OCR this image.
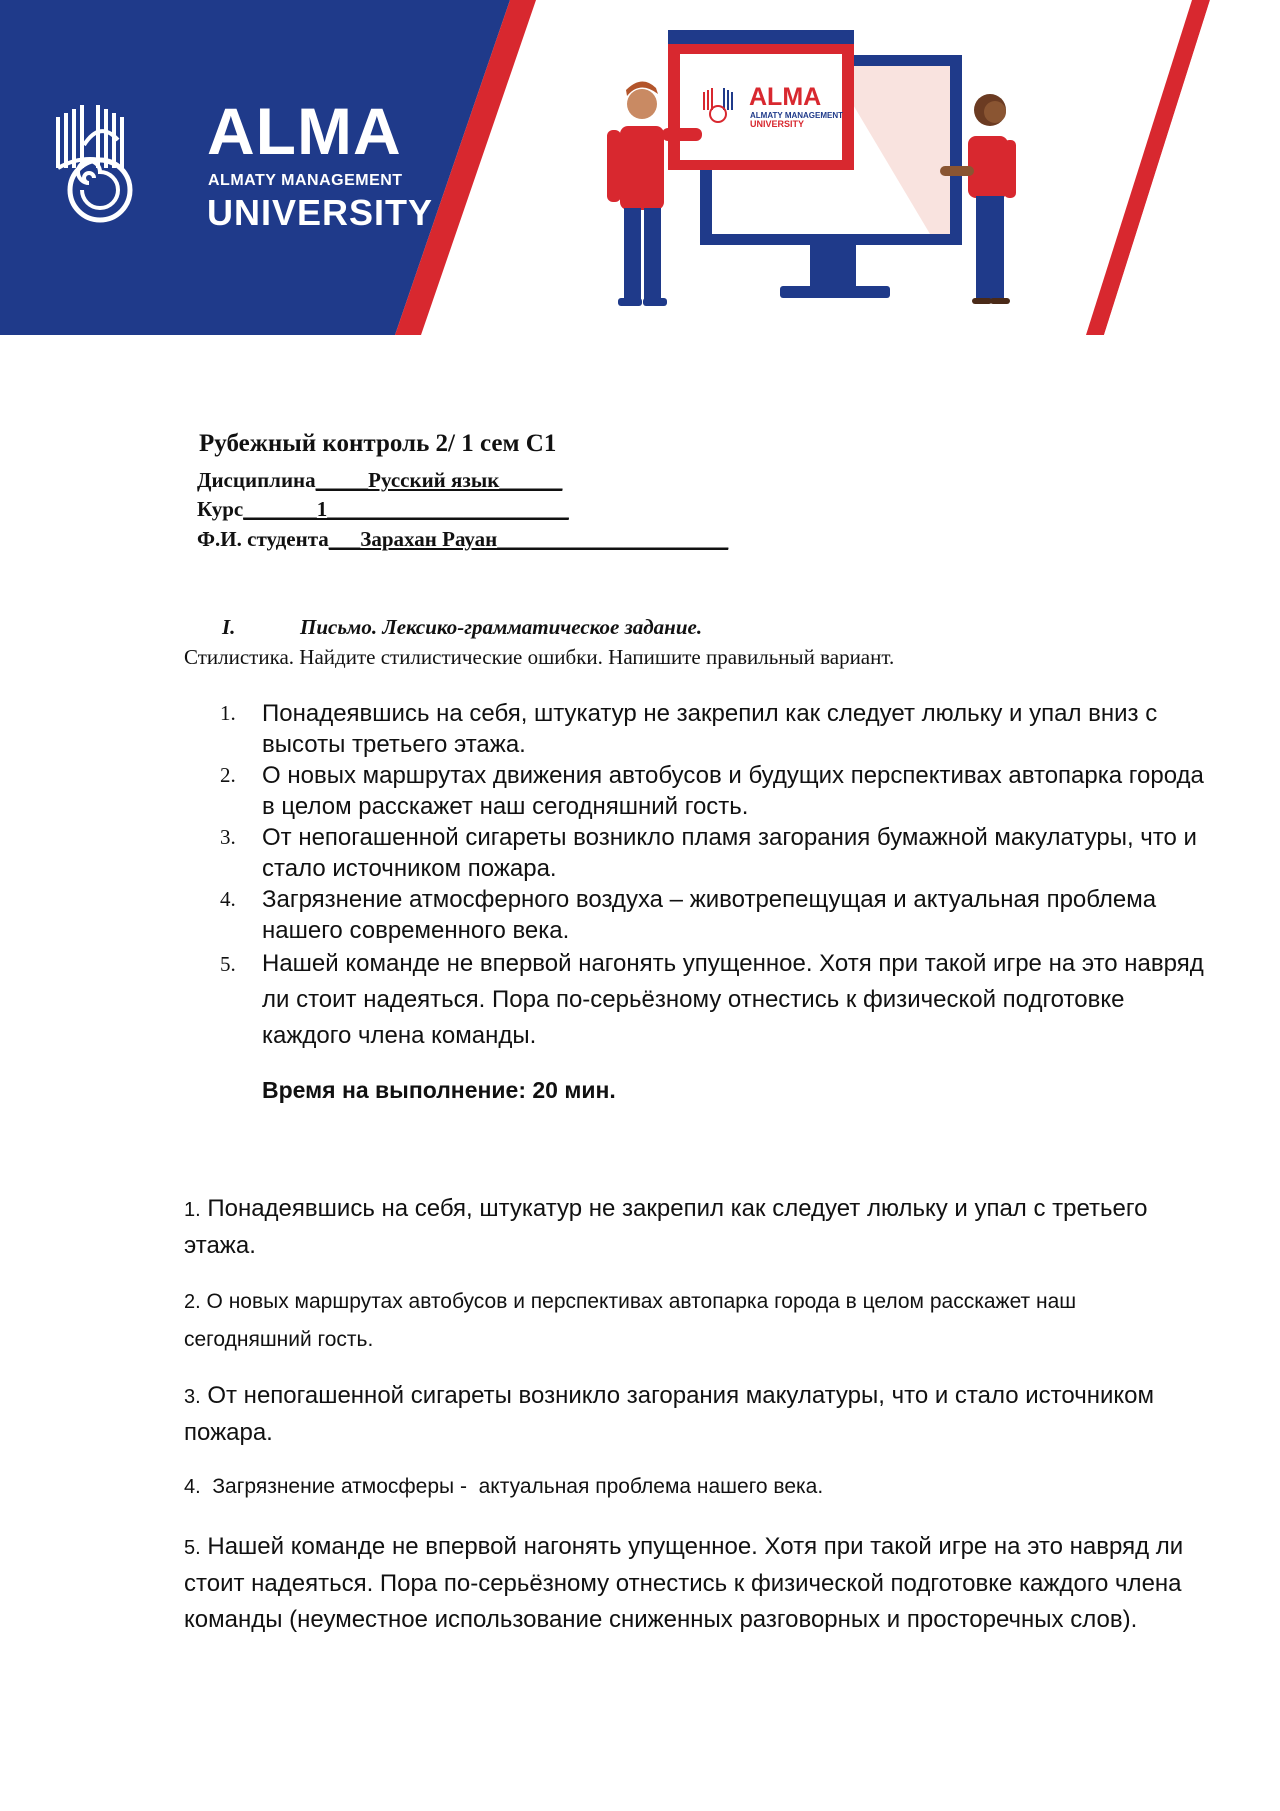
ALMA
ALMATY MANAGEMENT
UNIVERSITY
ALMA
ALMATY MANAGEMENT
UNIVERSITY
Рубежный контроль 2/ 1 сем С1
Дисциплина_____Русский язык______
Курс_______1_______________________
Ф.И. студента___Зарахан Рауан______________________
I.	Письмо. Лексико-грамматическое задание.
Стилистика. Найдите стилистические ошибки. Напишите правильный вариант.
1. Понадеявшись на себя, штукатур не закрепил как следует люльку и упал вниз с высоты третьего этажа.
2. О новых маршрутах движения автобусов и будущих перспективах автопарка города в целом расскажет наш сегодняшний гость.
3. От непогашенной сигареты возникло пламя загорания бумажной макулатуры, что и стало источником пожара.
4. Загрязнение атмосферного воздуха – животрепещущая и актуальная проблема нашего современного века.
5. Нашей команде не впервой нагонять упущенное. Хотя при такой игре на это навряд ли стоит надеяться. Пора по-серьёзному отнестись к физической подготовке каждого члена команды.
Время на выполнение: 20 мин.
1. Понадеявшись на себя, штукатур не закрепил как следует люльку и упал с третьего этажа.
2. О новых маршрутах автобусов и перспективах автопарка города в целом расскажет наш сегодняшний гость.
3. От непогашенной сигареты возникло загорания макулатуры, что и стало источником пожара.
4.  Загрязнение атмосферы -  актуальная проблема нашего века.
5. Нашей команде не впервой нагонять упущенное. Хотя при такой игре на это навряд ли стоит надеяться. Пора по-серьёзному отнестись к физической подготовке каждого члена команды (неуместное использование сниженных разговорных и просторечных слов).
